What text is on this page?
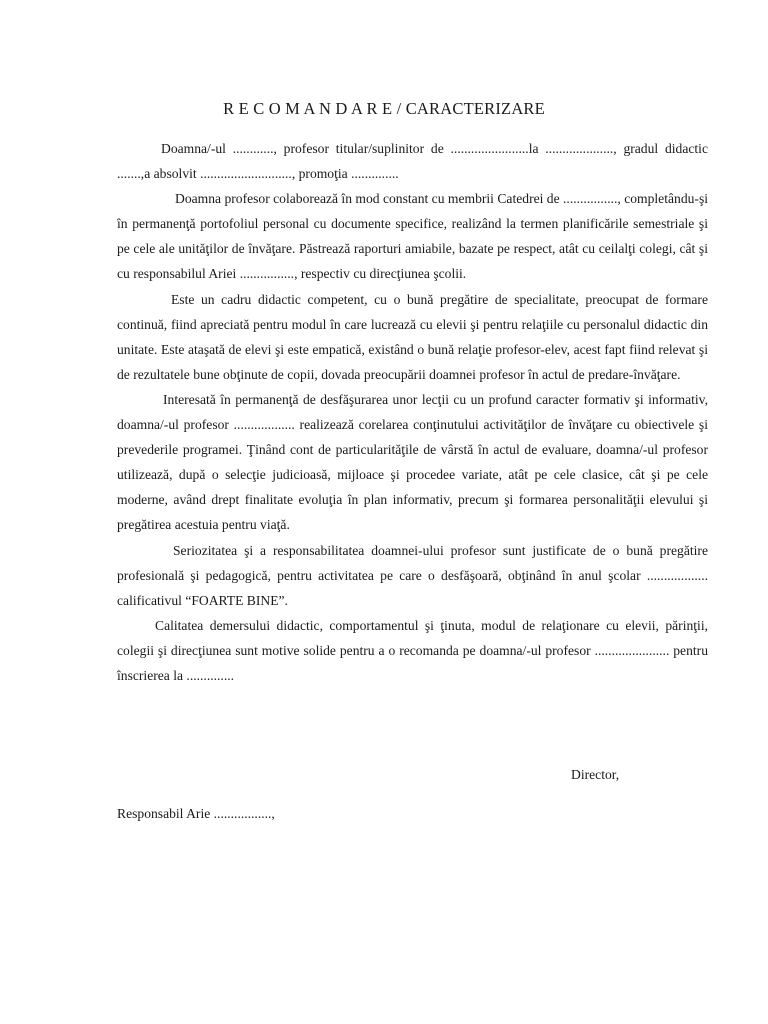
R E C O M A N D A R E / CARACTERIZARE

Doamna/-ul ............, profesor titular/suplinitor de .......................la ...................., gradul didactic .......,a absolvit ..........................., promoţia ..............

Doamna profesor colaborează în mod constant cu membrii Catedrei de ................, completându-şi în permanenţă portofoliul personal cu documente specifice, realizând la termen planificările semestriale şi pe cele ale unităţilor de învăţare. Păstrează raporturi amiabile, bazate pe respect, atât cu ceilalţi colegi, cât şi cu responsabilul Ariei ................, respectiv cu direcţiunea şcolii.

Este un cadru didactic competent, cu o bună pregătire de specialitate, preocupat de formare continuă, fiind apreciată pentru modul în care lucrează cu elevii şi pentru relaţiile cu personalul didactic din unitate. Este ataşată de elevi şi este empatică, existând o bună relaţie profesor-elev, acest fapt fiind relevat şi de rezultatele bune obţinute de copii, dovada preocupării doamnei profesor în actul de predare-învăţare.

Interesată în permanenţă de desfăşurarea unor lecţii cu un profund caracter formativ şi informativ, doamna/-ul profesor .................. realizează corelarea conţinutului activităţilor de învăţare cu obiectivele şi prevederile programei. Ţinând cont de particularităţile de vârstă în actul de evaluare, doamna/-ul profesor utilizează, după o selecţie judicioasă, mijloace şi procedee variate, atât pe cele clasice, cât şi pe cele moderne, având drept finalitate evoluţia în plan informativ, precum şi formarea personalităţii elevului şi pregătirea acestuia pentru viaţă.

Seriozitatea şi a responsabilitatea doamnei-ului profesor sunt justificate de o bună pregătire profesională şi pedagogică, pentru activitatea pe care o desfăşoară, obţinând în anul şcolar .................. calificativul “FOARTE BINE”.

Calitatea demersului didactic, comportamentul şi ţinuta, modul de relaţionare cu elevii, părinţii, colegii şi direcţiunea sunt motive solide pentru a o recomanda pe doamna/-ul profesor ...................... pentru înscrierea la ..............

Director,
Responsabil Arie .................,
